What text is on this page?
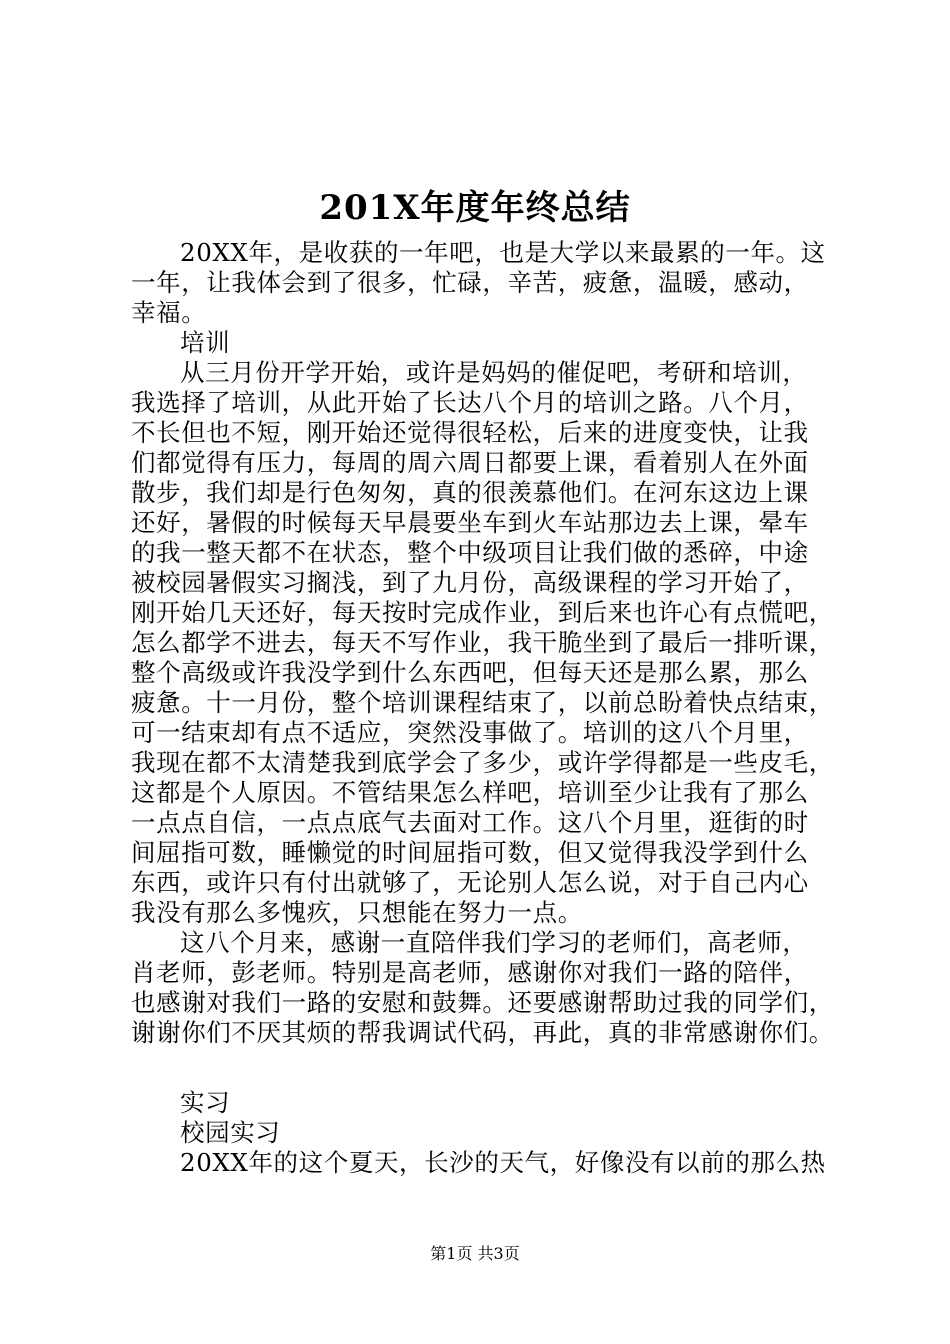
201X年度年终总结
20XX年，是收获的一年吧，也是大学以来最累的一年。这
一年，让我体会到了很多，忙碌，辛苦，疲惫，温暖，感动，
幸福。
培训
从三月份开学开始，或许是妈妈的催促吧，考研和培训，
我选择了培训，从此开始了长达八个月的培训之路。八个月，
不长但也不短，刚开始还觉得很轻松，后来的进度变快，让我
们都觉得有压力，每周的周六周日都要上课，看着别人在外面
散步，我们却是行色匆匆，真的很羡慕他们。在河东这边上课
还好，暑假的时候每天早晨要坐车到火车站那边去上课，晕车
的我一整天都不在状态，整个中级项目让我们做的悉碎，中途
被校园暑假实习搁浅，到了九月份，高级课程的学习开始了，
刚开始几天还好，每天按时完成作业，到后来也许心有点慌吧，
怎么都学不进去，每天不写作业，我干脆坐到了最后一排听课，
整个高级或许我没学到什么东西吧，但每天还是那么累，那么
疲惫。十一月份，整个培训课程结束了，以前总盼着快点结束，
可一结束却有点不适应，突然没事做了。培训的这八个月里，
我现在都不太清楚我到底学会了多少，或许学得都是一些皮毛，
这都是个人原因。不管结果怎么样吧，培训至少让我有了那么
一点点自信，一点点底气去面对工作。这八个月里，逛街的时
间屈指可数，睡懒觉的时间屈指可数，但又觉得我没学到什么
东西，或许只有付出就够了，无论别人怎么说，对于自己内心
我没有那么多愧疚，只想能在努力一点。
这八个月来，感谢一直陪伴我们学习的老师们，高老师，
肖老师，彭老师。特别是高老师，感谢你对我们一路的陪伴，
也感谢对我们一路的安慰和鼓舞。还要感谢帮助过我的同学们，
谢谢你们不厌其烦的帮我调试代码，再此，真的非常感谢你们。
实习
校园实习
20XX年的这个夏天，长沙的天气，好像没有以前的那么热
第1页 共3页
